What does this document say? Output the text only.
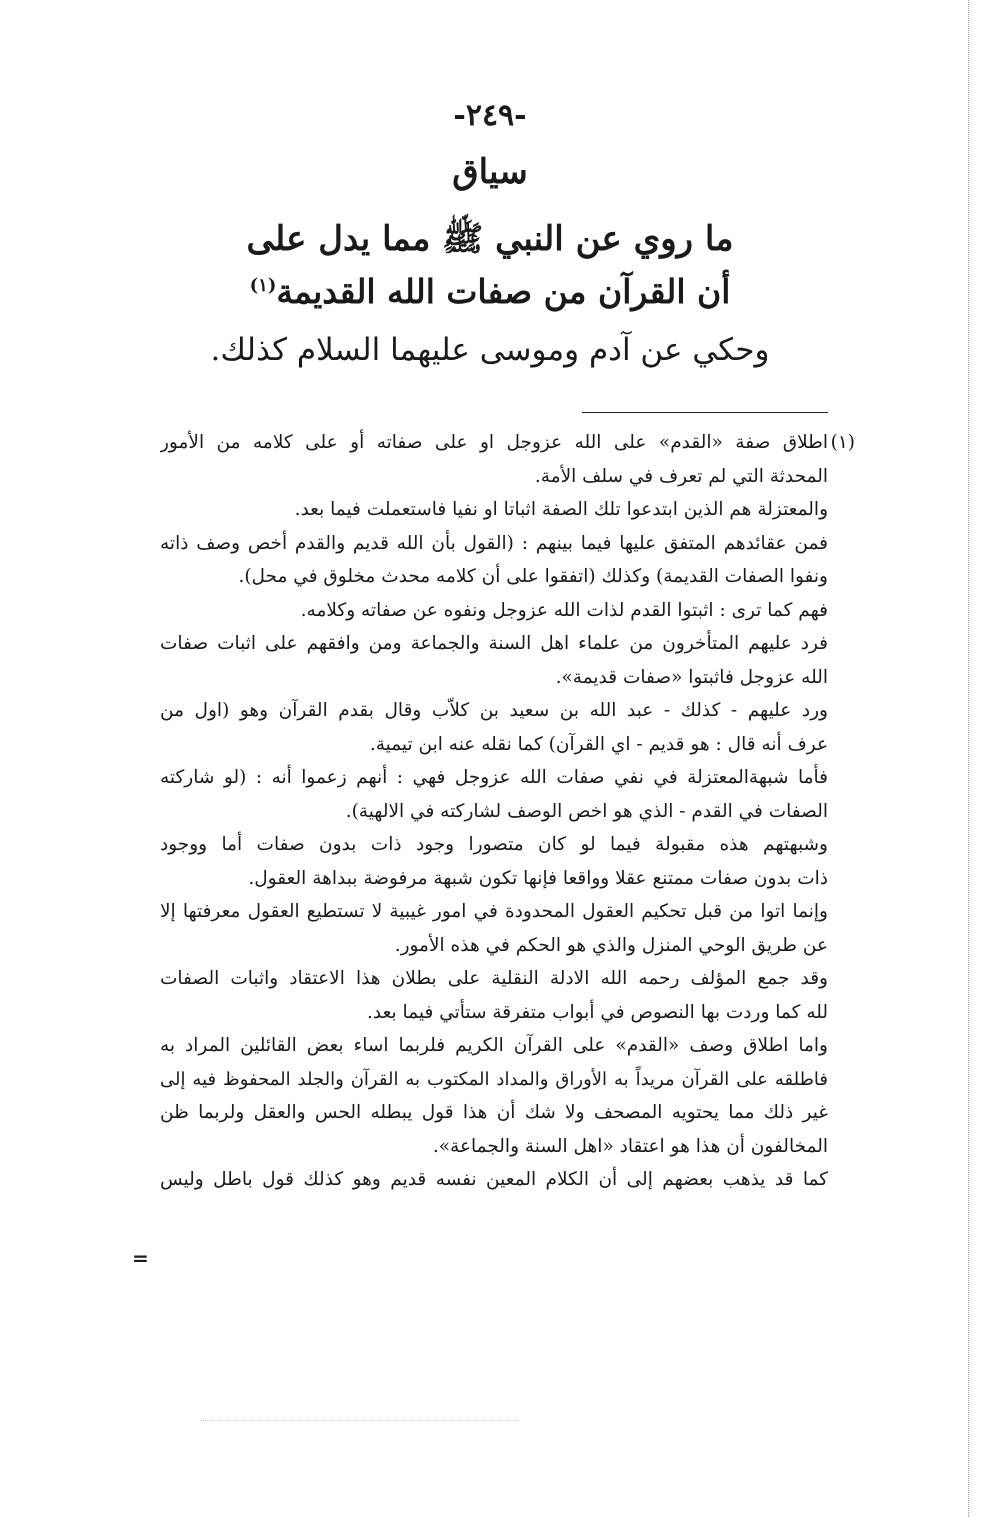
-٢٤٩-
سياق
ما روي عن النبي ﷺ مما يدل على
أن القرآن من صفات الله القديمة$^{(١)}$
وحكي عن آدم وموسى عليهما السلام كذلك.
(١)
اطلاق صفة «القدم» على الله عزوجل او على صفاته أو على كلامه من الأمور
المحدثة التي لم تعرف في سلف الأمة.
والمعتزلة هم الذين ابتدعوا تلك الصفة اثباتا او نفيا فاستعملت فيما بعد.
فمن عقائدهم المتفق عليها فيما بينهم : (القول بأن الله قديم والقدم أخص وصف ذاته
ونفوا الصفات القديمة) وكذلك (اتفقوا على أن كلامه محدث مخلوق في محل).
فهم كما ترى : اثبتوا القدم لذات الله عزوجل ونفوه عن صفاته وكلامه.
فرد عليهم المتأخرون من علماء اهل السنة والجماعة ومن وافقهم على اثبات صفات
الله عزوجل فاثبتوا «صفات قديمة».
ورد عليهم - كذلك - عبد الله بن سعيد بن كلاّب وقال بقدم القرآن وهو (اول من
عرف أنه قال : هو قديم - اي القرآن) كما نقله عنه ابن تيمية.
فأما شبهةالمعتزلة في نفي صفات الله عزوجل فهي : أنهم زعموا أنه : (لو شاركته
الصفات في القدم - الذي هو اخص الوصف لشاركته في الالهية).
وشبهتهم هذه مقبولة فيما لو كان متصورا وجود ذات بدون صفات أما ووجود
ذات بدون صفات ممتنع عقلا وواقعا فإنها تكون شبهة مرفوضة ببداهة العقول.
وإنما اتوا من قبل تحكيم العقول المحدودة في امور غيبية لا تستطيع العقول معرفتها إلا
عن طريق الوحي المنزل والذي هو الحكم في هذه الأمور.
وقد جمع المؤلف رحمه الله الادلة النقلية على بطلان هذا الاعتقاد واثبات الصفات
لله كما وردت بها النصوص في أبواب متفرقة ستأتي فيما بعد.
واما اطلاق وصف «القدم» على القرآن الكريم فلربما اساء بعض القائلين المراد به
فاطلقه على القرآن مريداً به الأوراق والمداد المكتوب به القرآن والجلد المحفوظ فيه إلى
غير ذلك مما يحتويه المصحف ولا شك أن هذا قول يبطله الحس والعقل ولربما ظن
المخالفون أن هذا هو اعتقاد «اهل السنة والجماعة».
كما قد يذهب بعضهم إلى أن الكلام المعين نفسه قديم وهو كذلك قول باطل وليس
=
